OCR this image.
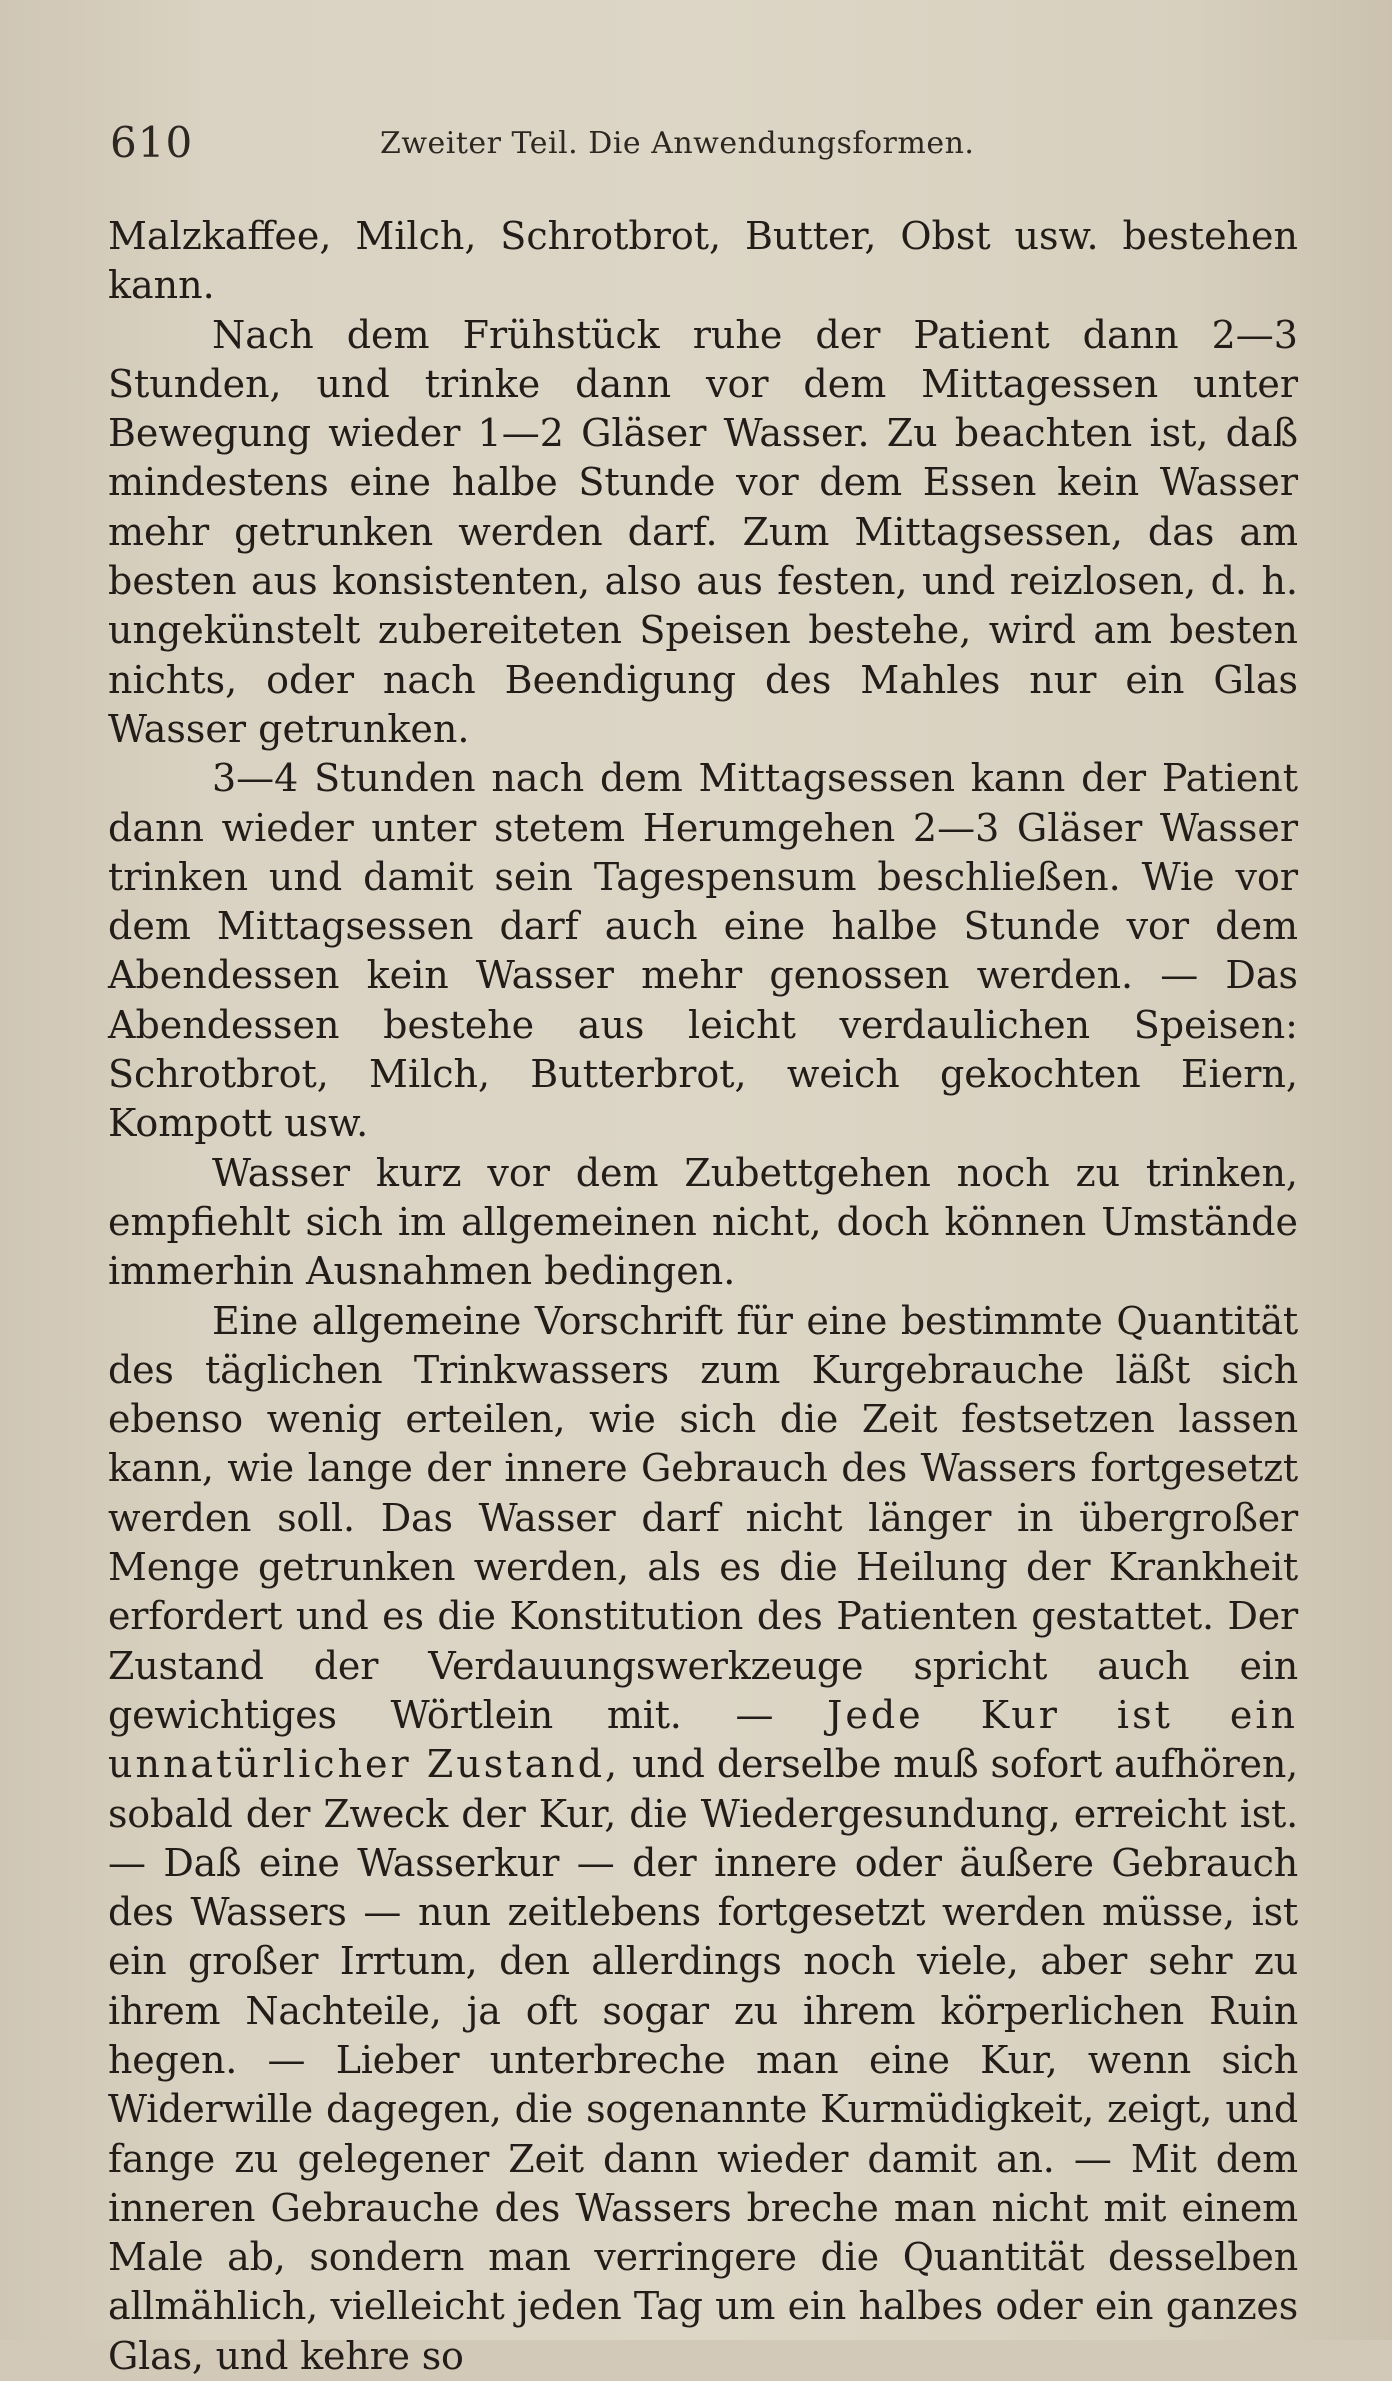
610	Zweiter Teil. Die Anwendungsformen.

Malzkaffee, Milch, Schrotbrot, Butter, Obst usw. bestehen kann.

Nach dem Frühstück ruhe der Patient dann 2—3 Stunden, und trinke dann vor dem Mittagessen unter Bewegung wieder 1—2 Gläser Wasser. Zu beachten ist, daß mindestens eine halbe Stunde vor dem Essen kein Wasser mehr getrunken werden darf. Zum Mittagsessen, das am besten aus konsistenten, also aus festen, und reizlosen, d. h. ungekünstelt zubereiteten Speisen bestehe, wird am besten nichts, oder nach Beendigung des Mahles nur ein Glas Wasser getrunken.

3—4 Stunden nach dem Mittagsessen kann der Patient dann wieder unter stetem Herumgehen 2—3 Gläser Wasser trinken und damit sein Tagespensum beschließen. Wie vor dem Mittagsessen darf auch eine halbe Stunde vor dem Abendessen kein Wasser mehr genossen werden. — Das Abendessen bestehe aus leicht verdaulichen Speisen: Schrotbrot, Milch, Butterbrot, weich gekochten Eiern, Kompott usw.

Wasser kurz vor dem Zubettgehen noch zu trinken, empfiehlt sich im allgemeinen nicht, doch können Umstände immerhin Ausnahmen bedingen.

Eine allgemeine Vorschrift für eine bestimmte Quantität des täglichen Trinkwassers zum Kurgebrauche läßt sich ebenso wenig erteilen, wie sich die Zeit festsetzen lassen kann, wie lange der innere Gebrauch des Wassers fortgesetzt werden soll. Das Wasser darf nicht länger in übergroßer Menge getrunken werden, als es die Heilung der Krankheit erfordert und es die Konstitution des Patienten gestattet. Der Zustand der Verdauungswerkzeuge spricht auch ein gewichtiges Wörtlein mit. — Jede Kur ist ein unnatürlicher Zustand, und derselbe muß sofort aufhören, sobald der Zweck der Kur, die Wiedergesundung, erreicht ist. — Daß eine Wasserkur — der innere oder äußere Gebrauch des Wassers — nun zeitlebens fortgesetzt werden müsse, ist ein großer Irrtum, den allerdings noch viele, aber sehr zu ihrem Nachteile, ja oft sogar zu ihrem körperlichen Ruin hegen. — Lieber unterbreche man eine Kur, wenn sich Widerwille dagegen, die sogenannte Kurmüdigkeit, zeigt, und fange zu gelegener Zeit dann wieder damit an. — Mit dem inneren Gebrauche des Wassers breche man nicht mit einem Male ab, sondern man verringere die Quantität desselben allmählich, vielleicht jeden Tag um ein halbes oder ein ganzes Glas, und kehre so
